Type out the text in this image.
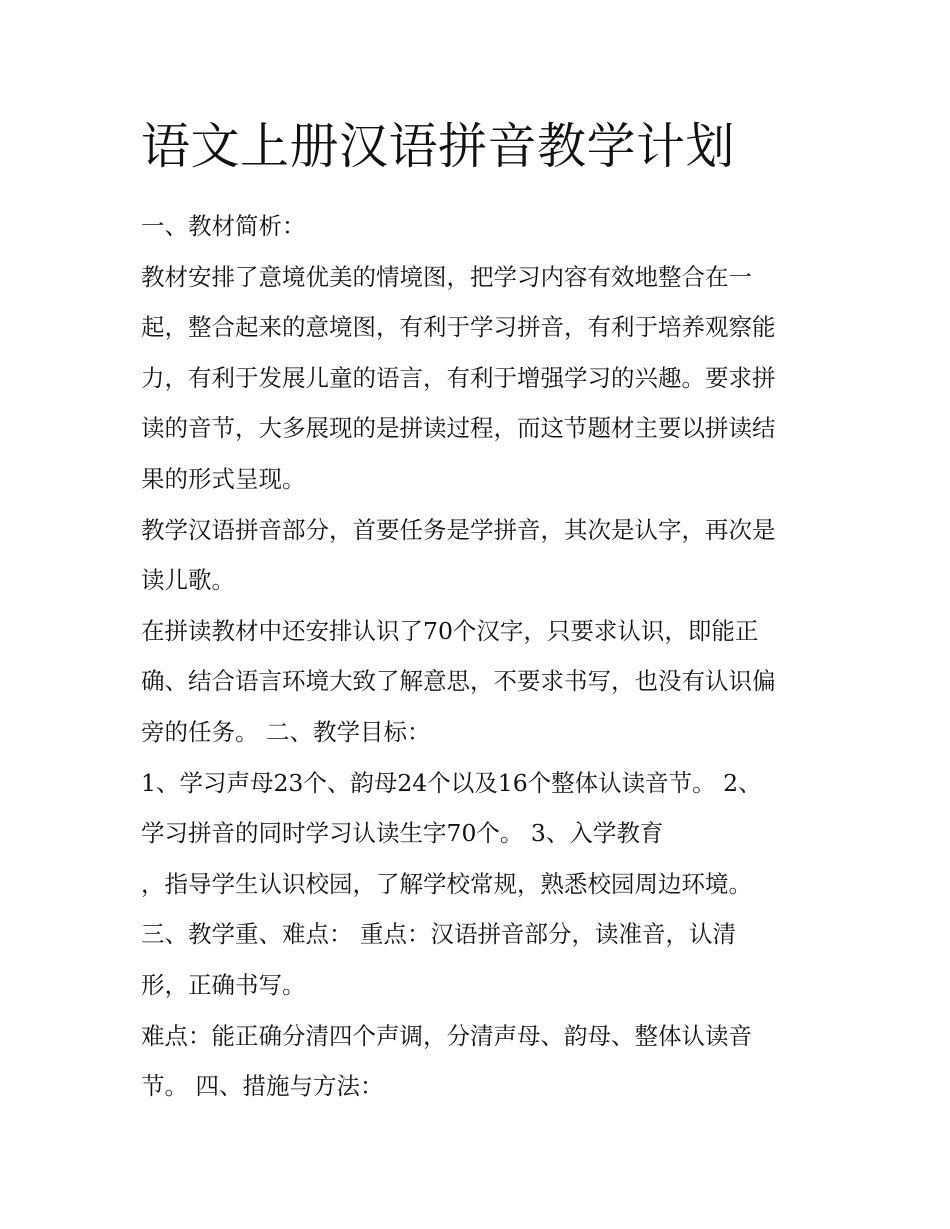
语文上册汉语拼音教学计划
一、教材简析：
教材安排了意境优美的情境图，把学习内容有效地整合在一
起，整合起来的意境图，有利于学习拼音，有利于培养观察能
力，有利于发展儿童的语言，有利于增强学习的兴趣。要求拼
读的音节，大多展现的是拼读过程，而这节题材主要以拼读结
果的形式呈现。
教学汉语拼音部分，首要任务是学拼音，其次是认字，再次是
读儿歌。
在拼读教材中还安排认识了70个汉字，只要求认识，即能正
确、结合语言环境大致了解意思，不要求书写，也没有认识偏
旁的任务。 二、教学目标：
1、学习声母23个、韵母24个以及16个整体认读音节。 2、
学习拼音的同时学习认读生字70个。 3、入学教育
，指导学生认识校园，了解学校常规，熟悉校园周边环境。
三、教学重、难点： 重点：汉语拼音部分，读准音，认清
形，正确书写。
难点：能正确分清四个声调，分清声母、韵母、整体认读音
节。 四、措施与方法：
